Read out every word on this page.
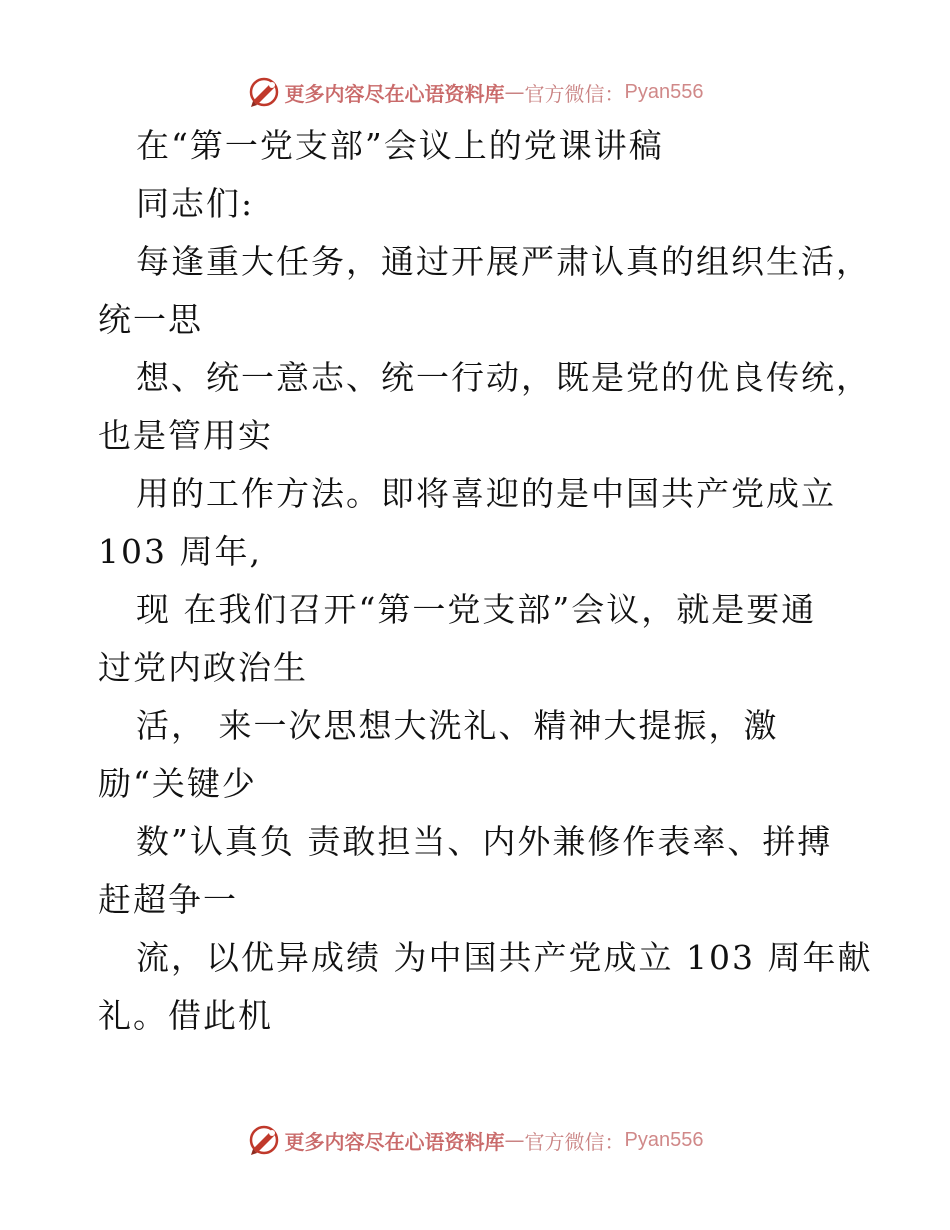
更多内容尽在心语资料库 — 官方微信： Pyan556
在“第一党支部”会议上的党课讲稿
同志们:
每逢重大任务，通过开展严肃认真的组织生活，
统一思
想、统一意志、统一行动，既是党的优良传统，
也是管用实
用的工作方法。即将喜迎的是中国共产党成立
103 周年,
现 在我们召开“第一党支部”会议，就是要通
过党内政治生
活， 来一次思想大洗礼、精神大提振，激
励“关键少
数”认真负 责敢担当、内外兼修作表率、拼搏
赶超争一
流，以优异成绩 为中国共产党成立 103 周年献
礼。借此机
更多内容尽在心语资料库 — 官方微信： Pyan556
